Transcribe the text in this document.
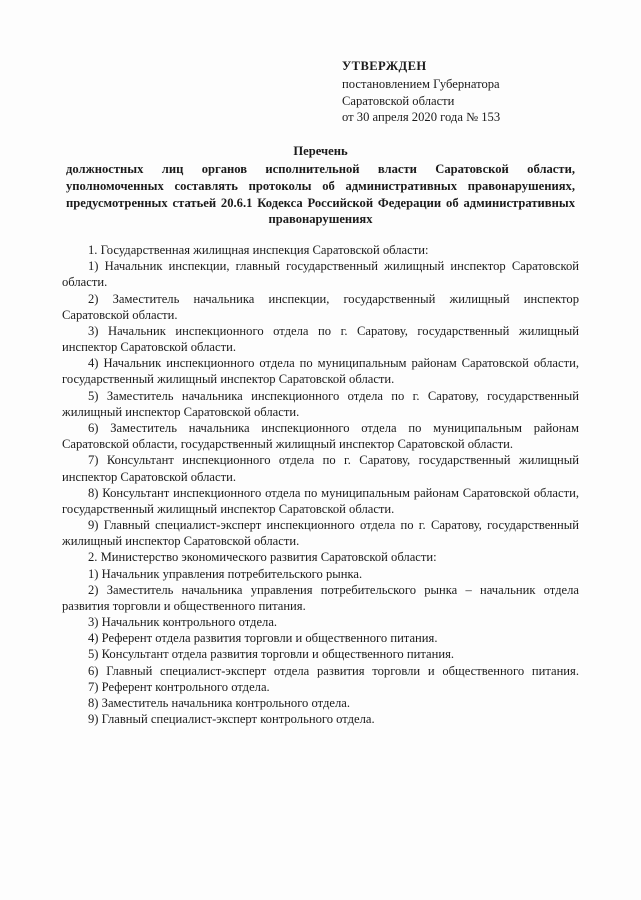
УТВЕРЖДЕН
постановлением Губернатора
Саратовской области
от 30 апреля 2020 года № 153
Перечень
должностных лиц органов исполнительной власти Саратовской области, уполномоченных составлять протоколы об административных правонарушениях, предусмотренных статьей 20.6.1 Кодекса Российской Федерации об административных правонарушениях

1. Государственная жилищная инспекция Саратовской области:

1) Начальник инспекции, главный государственный жилищный инспектор Саратовской области.

2) Заместитель начальника инспекции, государственный жилищный инспектор Саратовской области.

3) Начальник инспекционного отдела по г. Саратову, государственный жилищный инспектор Саратовской области.

4) Начальник инспекционного отдела по муниципальным районам Саратовской области, государственный жилищный инспектор Саратовской области.

5) Заместитель начальника инспекционного отдела по г. Саратову, государственный жилищный инспектор Саратовской области.

6) Заместитель начальника инспекционного отдела по муниципальным районам Саратовской области, государственный жилищный инспектор Саратовской области.

7) Консультант инспекционного отдела по г. Саратову, государственный жилищный инспектор Саратовской области.

8) Консультант инспекционного отдела по муниципальным районам Саратовской области, государственный жилищный инспектор Саратовской области.

9) Главный специалист-эксперт инспекционного отдела по г. Саратову, государственный жилищный инспектор Саратовской области.

2. Министерство экономического развития Саратовской области:

1) Начальник управления потребительского рынка.

2) Заместитель начальника управления потребительского рынка – начальник отдела развития торговли и общественного питания.

3) Начальник контрольного отдела.

4) Референт отдела развития торговли и общественного питания.

5) Консультант отдела развития торговли и общественного питания.

6) Главный специалист-эксперт отдела развития торговли и общественного питания.

7) Референт контрольного отдела.

8) Заместитель начальника контрольного отдела.

9) Главный специалист-эксперт контрольного отдела.
